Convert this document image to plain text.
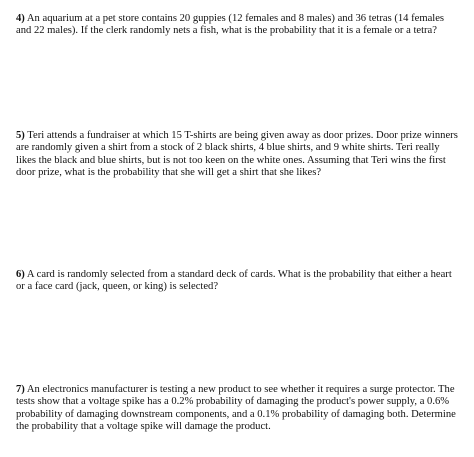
4) An aquarium at a pet store contains 20 guppies (12 females and 8 males) and 36 tetras (14 females and 22 males). If the clerk randomly nets a fish, what is the probability that it is a female or a tetra?
5) Teri attends a fundraiser at which 15 T-shirts are being given away as door prizes. Door prize winners are randomly given a shirt from a stock of 2 black shirts, 4 blue shirts, and 9 white shirts. Teri really likes the black and blue shirts, but is not too keen on the white ones. Assuming that Teri wins the first door prize, what is the probability that she will get a shirt that she likes?
6) A card is randomly selected from a standard deck of cards. What is the probability that either a heart or a face card (jack, queen, or king) is selected?
7) An electronics manufacturer is testing a new product to see whether it requires a surge protector. The tests show that a voltage spike has a 0.2% probability of damaging the product's power supply, a 0.6% probability of damaging downstream components, and a 0.1% probability of damaging both. Determine the probability that a voltage spike will damage the product.
